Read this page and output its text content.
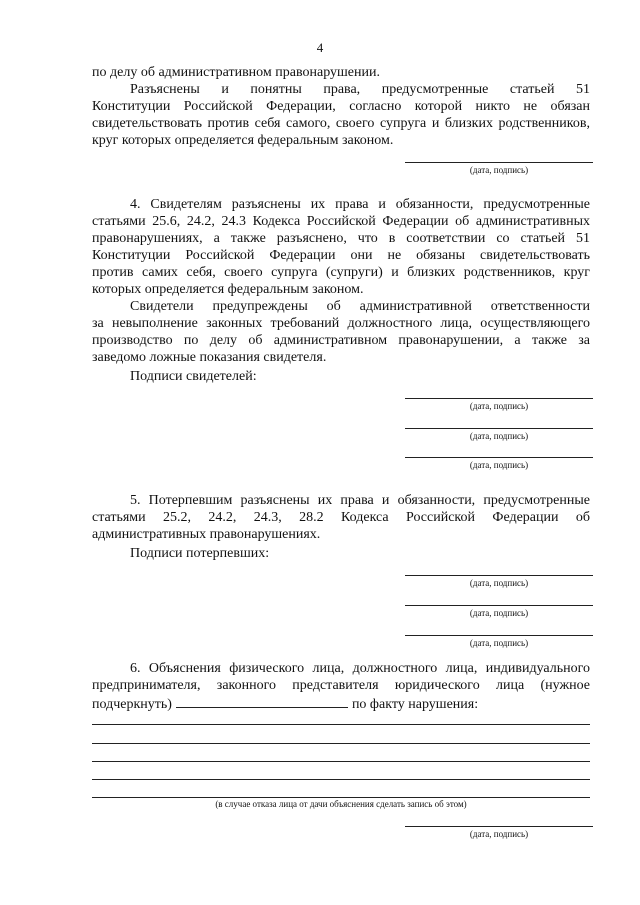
4
по делу об административном правонарушении.
Разъяснены и понятны права, предусмотренные статьей 51
Конституции Российской Федерации, согласно которой никто не обязан
свидетельствовать против себя самого, своего супруга и близких родственников,
круг которых определяется федеральным законом.
(дата, подпись)
4. Свидетелям разъяснены их права и обязанности, предусмотренные
статьями 25.6, 24.2, 24.3 Кодекса Российской Федерации об административных
правонарушениях, а также разъяснено, что в соответствии со статьей 51
Конституции Российской Федерации они не обязаны свидетельствовать
против самих себя, своего супруга (супруги) и близких родственников, круг
которых определяется федеральным законом.
Свидетели предупреждены об административной ответственности
за невыполнение законных требований должностного лица, осуществляющего
производство по делу об административном правонарушении, а также за
заведомо ложные показания свидетеля.
Подписи свидетелей:
(дата, подпись)
(дата, подпись)
(дата, подпись)
5. Потерпевшим разъяснены их права и обязанности, предусмотренные
статьями 25.2, 24.2, 24.3, 28.2 Кодекса Российской Федерации об
административных правонарушениях.
Подписи потерпевших:
(дата, подпись)
(дата, подпись)
(дата, подпись)
6. Объяснения физического лица, должностного лица, индивидуального
предпринимателя, законного представителя юридического лица (нужное
подчеркнуть)	по факту нарушения:
(в случае отказа лица от дачи объяснения сделать запись об этом)
(дата, подпись)
